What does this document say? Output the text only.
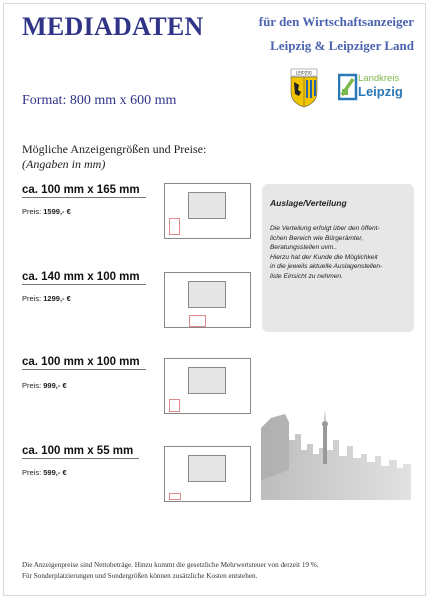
MEDIADATEN	für den Wirtschaftsanzeiger
Leipzig & Leipziger Land
Format: 800 mm x 600 mm
LEIPZIG	Landkreis
Leipzig
Mögliche Anzeigengrößen und Preise:
(Angaben in mm)
ca. 100 mm x 165 mm
Preis: 1599,- €
ca. 140 mm x 100 mm
Preis: 1299,- €
ca. 100 mm x 100 mm
Preis: 999,- €
ca. 100 mm x 55 mm
Preis: 599,- €
Auslage/Verteilung
Die Verteilung erfolgt über den öffent-
lichen Bereich wie Bürgerämter,
Beratungsstellen uvm..
Hierzu hat der Kunde die Möglichkeit
in die jeweils aktuelle Auslagenstellen-
liste Einsicht zu nehmen.
Die Anzeigenpreise sind Nettobeträge. Hinzu kommt die gesetzliche Mehrwertsteuer von derzeit 19 %.
Für Sonderplatzierungen und Sondergrößen können zusätzliche Kosten entstehen.
